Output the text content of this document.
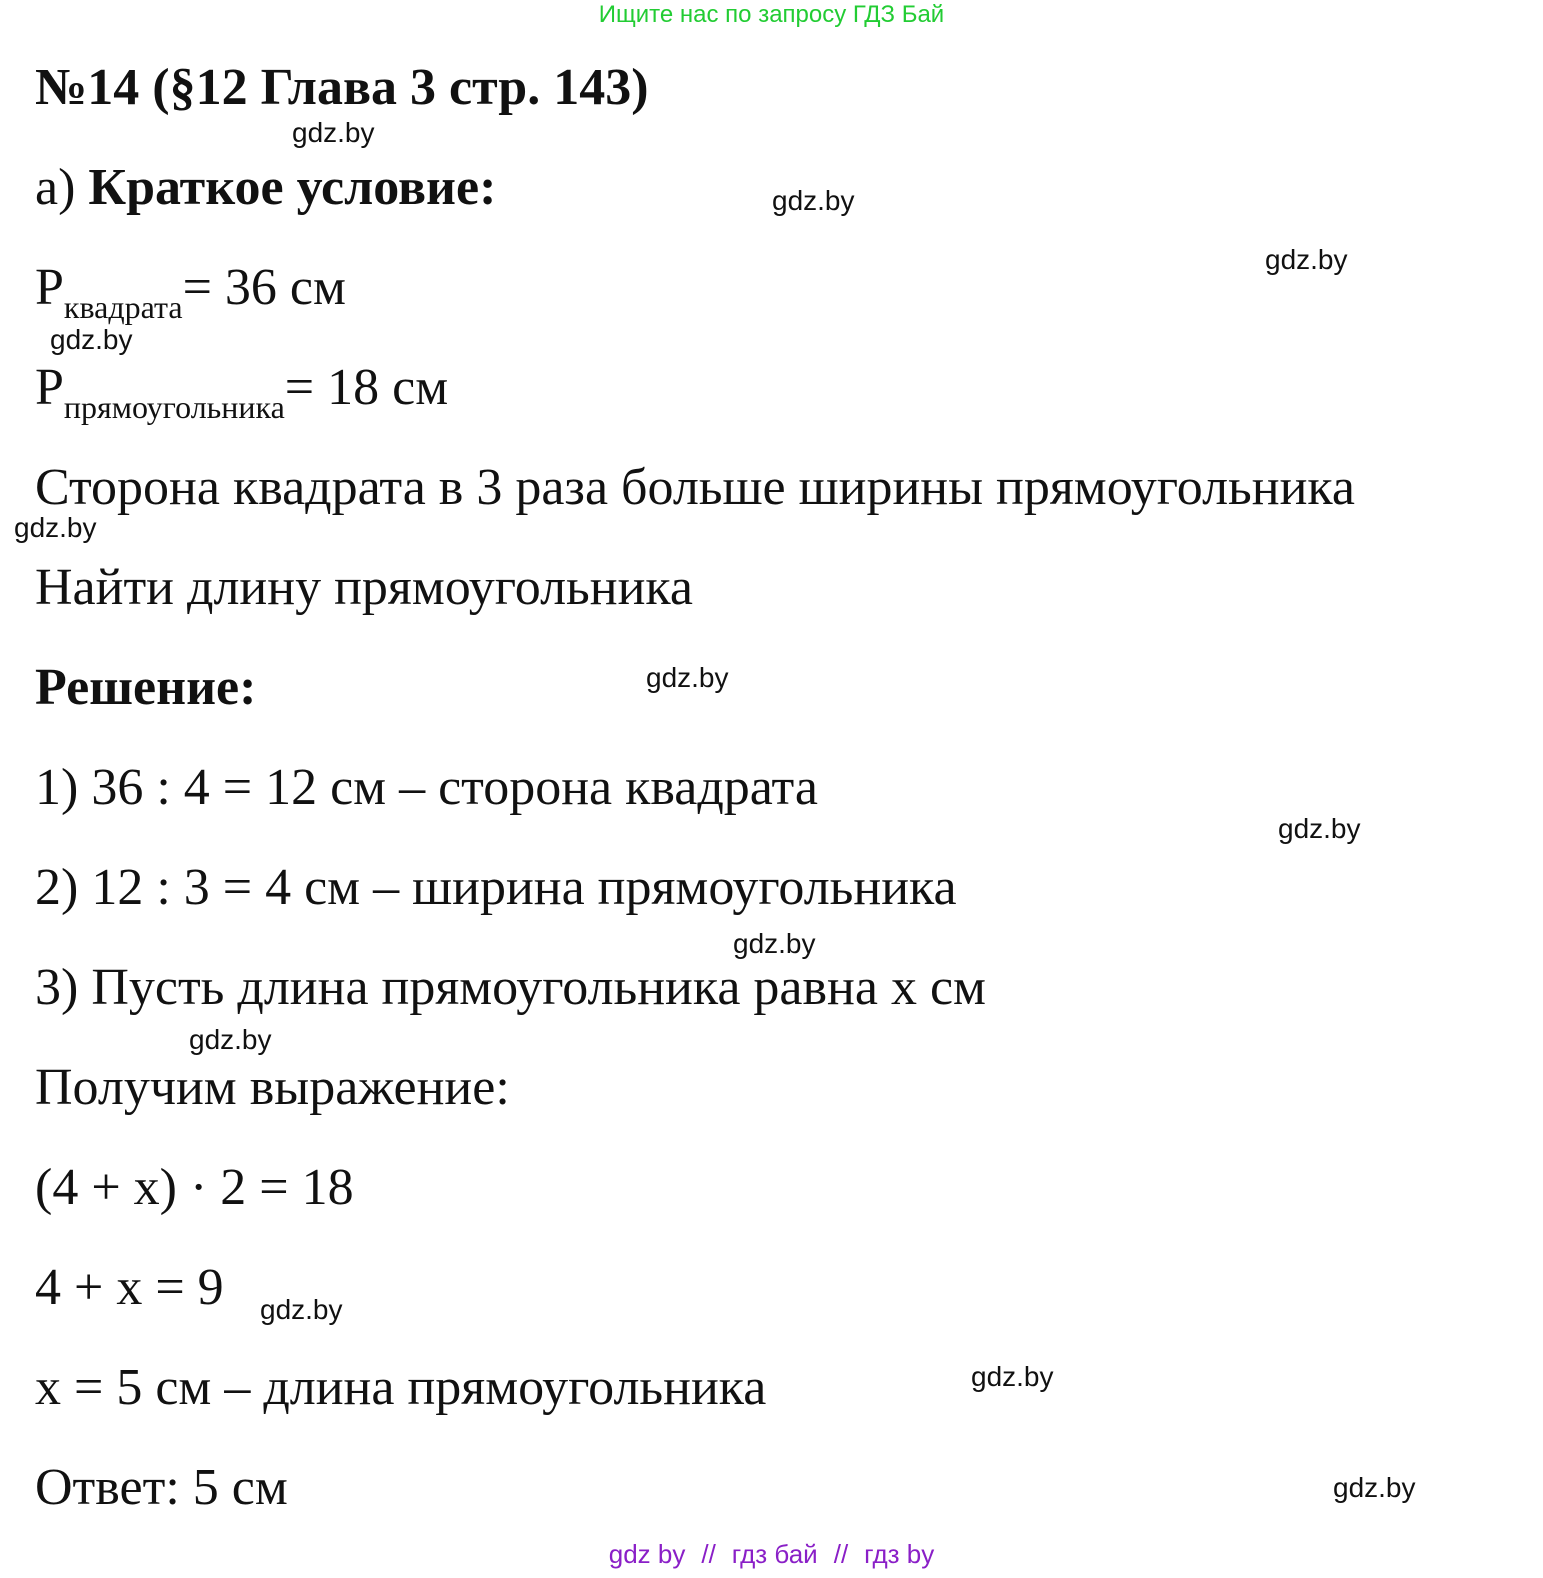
Ищите нас по запросу ГДЗ Бай
№14 (§12 Глава 3 стр. 143)
а) Краткое условие:
$P_{квадрата}= 36$ см
$P_{прямоугольника}= 18$ см
Сторона квадрата в 3 раза больше ширины прямоугольника
Найти длину прямоугольника
Решение:
1) 36 : 4 = 12 см – сторона квадрата
2) 12 : 3 = 4 см – ширина прямоугольника
3) Пусть длина прямоугольника равна х см
Получим выражение:
(4 + х) · 2 = 18
4 + х = 9
х = 5 см – длина прямоугольника
Ответ: 5 см
gdz.by
gdz.by
gdz.by
gdz.by
gdz.by
gdz.by
gdz.by
gdz.by
gdz.by
gdz.by
gdz.by
gdz.by
gdz by // гдз бай // гдз by
